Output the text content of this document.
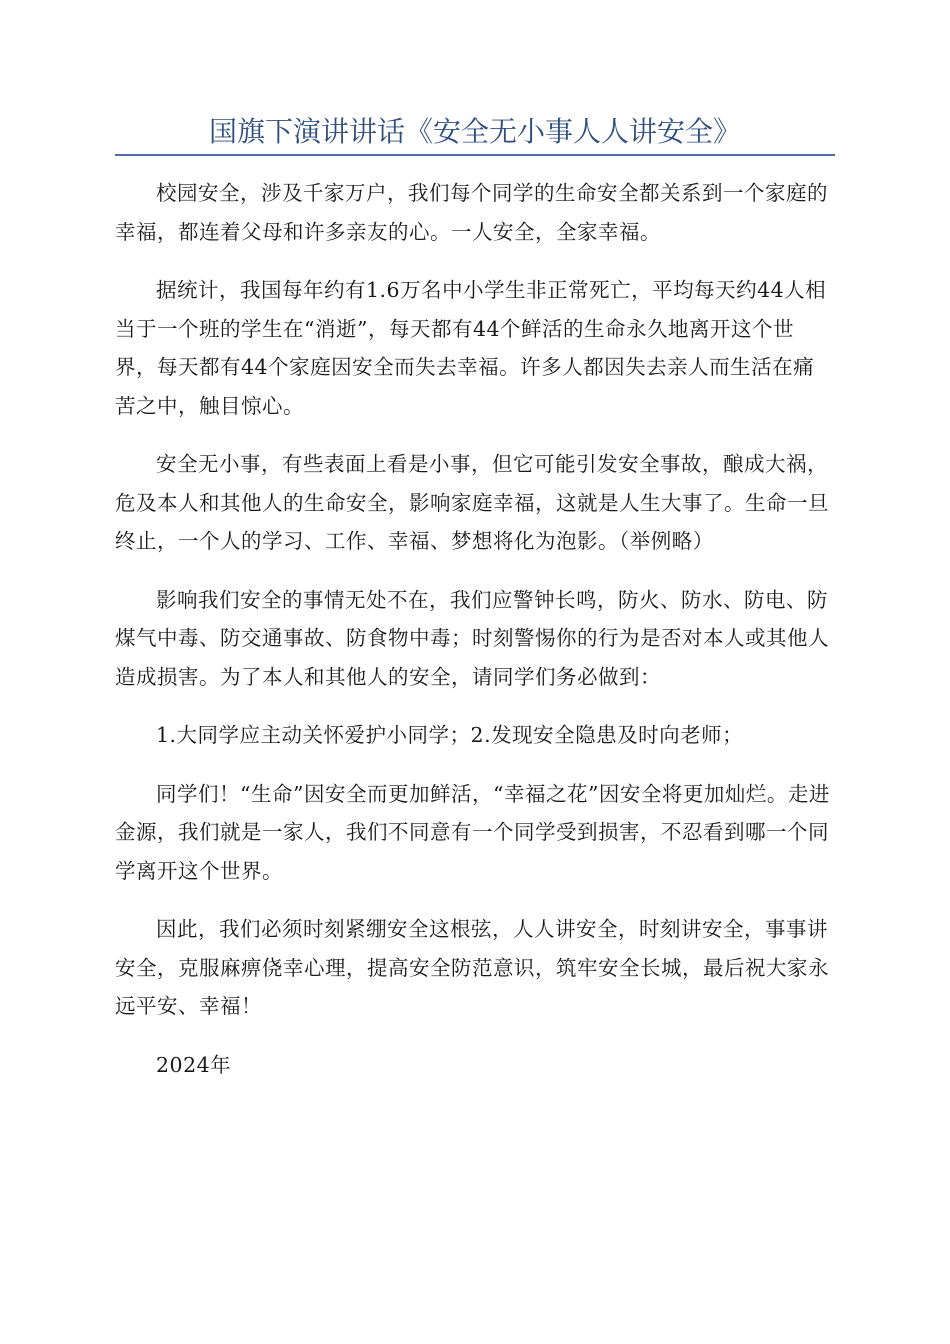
国旗下演讲讲话《安全无小事人人讲安全》

校园安全，涉及千家万户，我们每个同学的生命安全都关系到一个家庭的幸福，都连着父母和许多亲友的心。一人安全，全家幸福。

据统计，我国每年约有1.6万名中小学生非正常死亡，平均每天约44人相当于一个班的学生在“消逝”，每天都有44个鲜活的生命永久地离开这个世界，每天都有44个家庭因安全而失去幸福。许多人都因失去亲人而生活在痛苦之中，触目惊心。

安全无小事，有些表面上看是小事，但它可能引发安全事故，酿成大祸，危及本人和其他人的生命安全，影响家庭幸福，这就是人生大事了。生命一旦终止，一个人的学习、工作、幸福、梦想将化为泡影。（举例略）

影响我们安全的事情无处不在，我们应警钟长鸣，防火、防水、防电、防煤气中毒、防交通事故、防食物中毒；时刻警惕你的行为是否对本人或其他人造成损害。为了本人和其他人的安全，请同学们务必做到：

1.大同学应主动关怀爱护小同学；2.发现安全隐患及时向老师；

同学们！“生命”因安全而更加鲜活，“幸福之花”因安全将更加灿烂。走进金源，我们就是一家人，我们不同意有一个同学受到损害，不忍看到哪一个同学离开这个世界。

因此，我们必须时刻紧绷安全这根弦，人人讲安全，时刻讲安全，事事讲安全，克服麻痹侥幸心理，提高安全防范意识，筑牢安全长城，最后祝大家永远平安、幸福！

2024年
